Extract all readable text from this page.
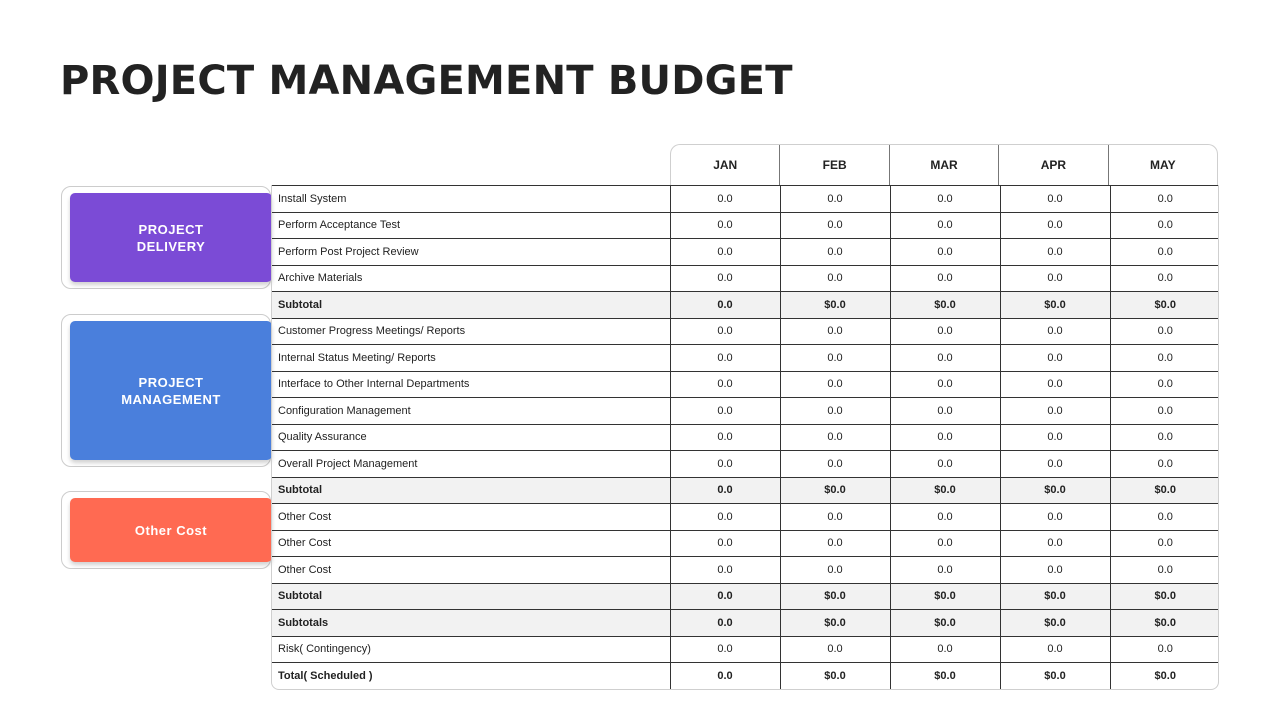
PROJECT MANAGEMENT BUDGET
JAN	FEB	MAR	APR	MAY
PROJECT
DELIVERY
PROJECT
MANAGEMENT
Other Cost
Install System	0.0	0.0	0.0	0.0	0.0
Perform Acceptance Test	0.0	0.0	0.0	0.0	0.0
Perform Post Project Review	0.0	0.0	0.0	0.0	0.0
Archive Materials	0.0	0.0	0.0	0.0	0.0
Subtotal	0.0	$0.0	$0.0	$0.0	$0.0
Customer Progress Meetings/ Reports	0.0	0.0	0.0	0.0	0.0
Internal Status Meeting/ Reports	0.0	0.0	0.0	0.0	0.0
Interface to Other Internal Departments	0.0	0.0	0.0	0.0	0.0
Configuration Management	0.0	0.0	0.0	0.0	0.0
Quality Assurance	0.0	0.0	0.0	0.0	0.0
Overall Project Management	0.0	0.0	0.0	0.0	0.0
Subtotal	0.0	$0.0	$0.0	$0.0	$0.0
Other Cost	0.0	0.0	0.0	0.0	0.0
Other Cost	0.0	0.0	0.0	0.0	0.0
Other Cost	0.0	0.0	0.0	0.0	0.0
Subtotal	0.0	$0.0	$0.0	$0.0	$0.0
Subtotals	0.0	$0.0	$0.0	$0.0	$0.0
Risk( Contingency)	0.0	0.0	0.0	0.0	0.0
Total( Scheduled )	0.0	$0.0	$0.0	$0.0	$0.0
